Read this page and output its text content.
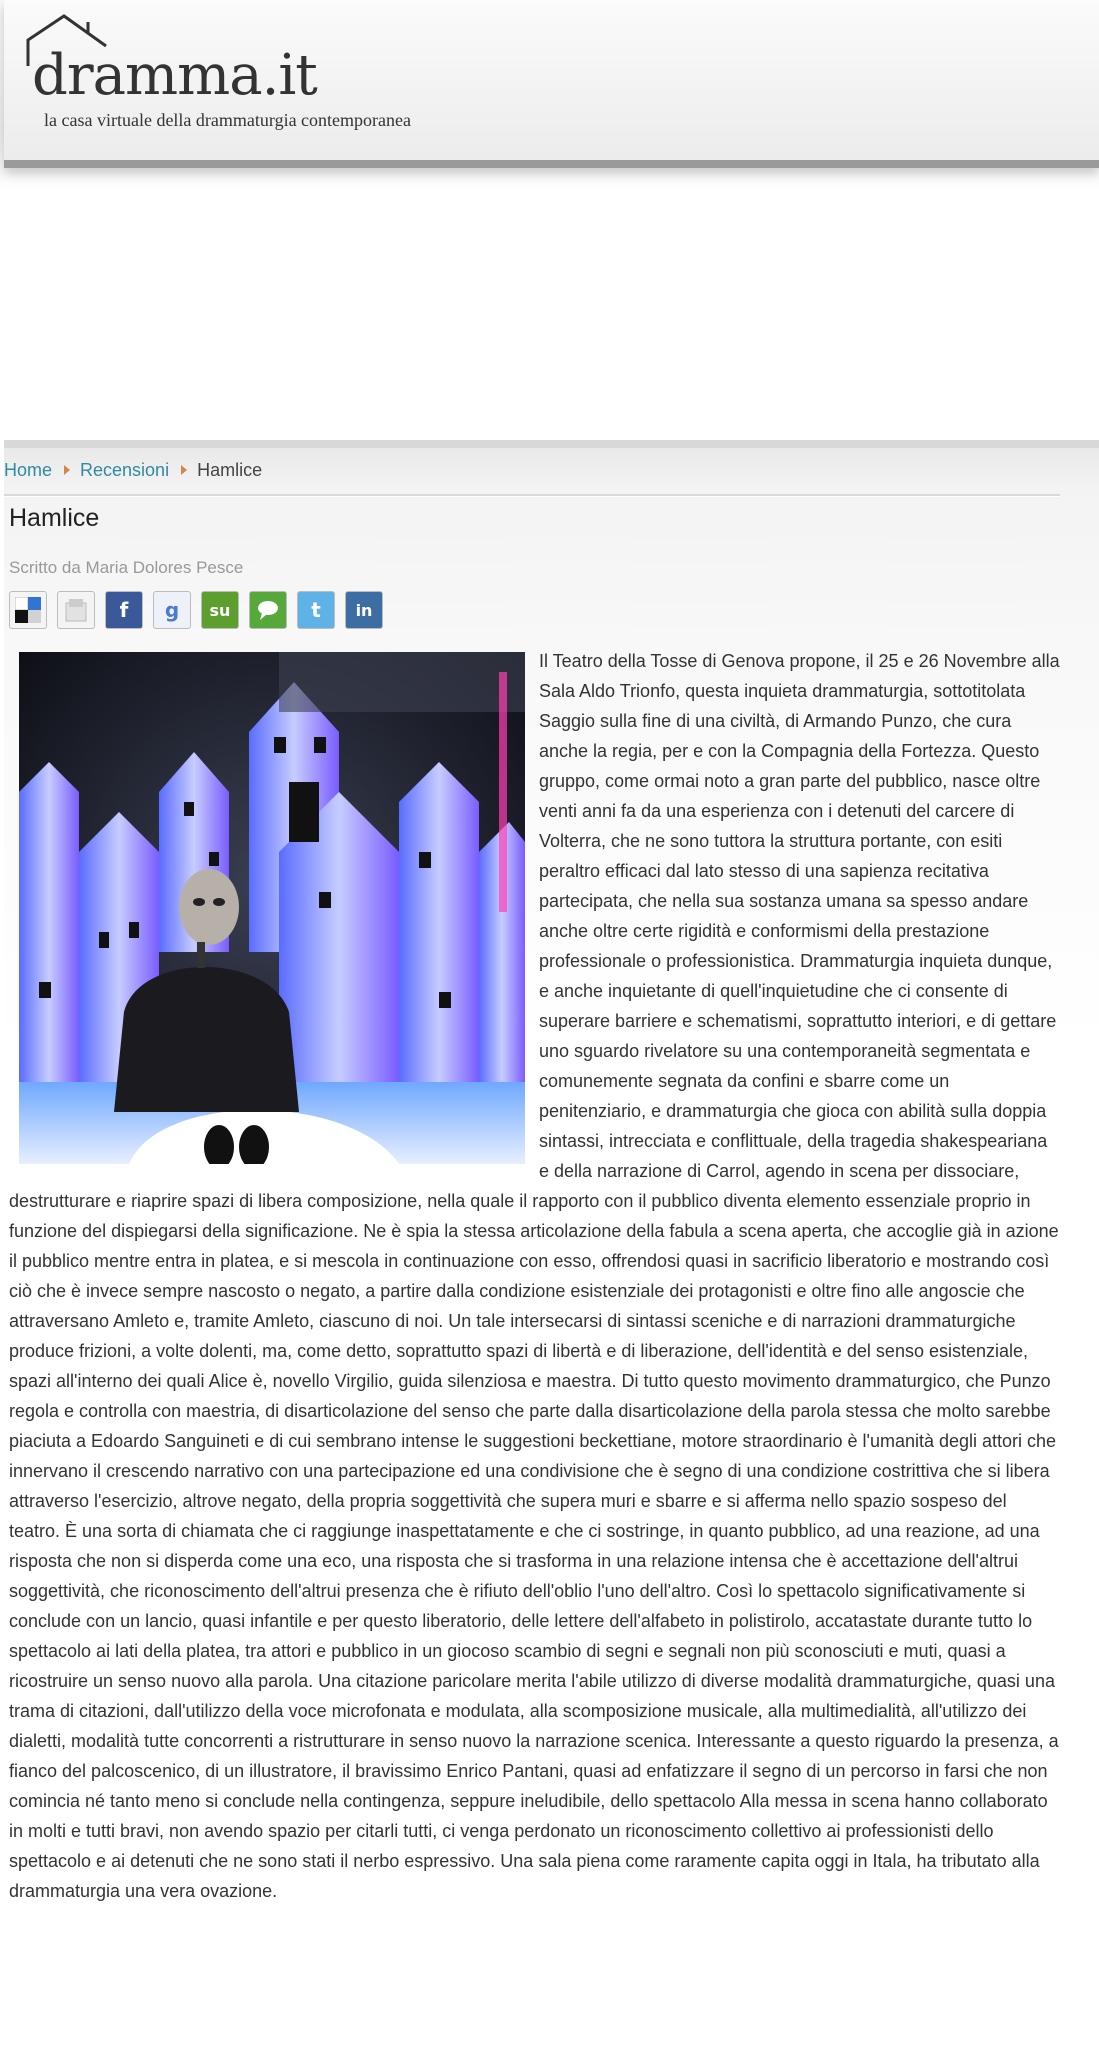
dramma.it
la casa virtuale della drammaturgia contemporanea
Home Recensioni Hamlice
Hamlice
Scritto da Maria Dolores Pesce
f	g	su	t	in

Il Teatro della Tosse di Genova propone, il 25 e 26 Novembre alla Sala Aldo Trionfo, questa inquieta drammaturgia, sottotitolata Saggio sulla fine di una civiltà, di Armando Punzo, che cura anche la regia, per e con la Compagnia della Fortezza. Questo gruppo, come ormai noto a gran parte del pubblico, nasce oltre venti anni fa da una esperienza con i detenuti del carcere di Volterra, che ne sono tuttora la struttura portante, con esiti peraltro efficaci dal lato stesso di una sapienza recitativa partecipata, che nella sua sostanza umana sa spesso andare anche oltre certe rigidità e conformismi della prestazione professionale o professionistica. Drammaturgia inquieta dunque, e anche inquietante di quell'inquietudine che ci consente di superare barriere e schematismi, soprattutto interiori, e di gettare uno sguardo rivelatore su una contemporaneità segmentata e comunemente segnata da confini e sbarre come un penitenziario, e drammaturgia che gioca con abilità sulla doppia sintassi, intrecciata e conflittuale, della tragedia shakespeariana e della narrazione di Carrol, agendo in scena per dissociare, destrutturare e riaprire spazi di libera composizione, nella quale il rapporto con il pubblico diventa elemento essenziale proprio in funzione del dispiegarsi della significazione. Ne è spia la stessa articolazione della fabula a scena aperta, che accoglie già in azione il pubblico mentre entra in platea, e si mescola in continuazione con esso, offrendosi quasi in sacrificio liberatorio e mostrando così ciò che è invece sempre nascosto o negato, a partire dalla condizione esistenziale dei protagonisti e oltre fino alle angoscie che attraversano Amleto e, tramite Amleto, ciascuno di noi. Un tale intersecarsi di sintassi sceniche e di narrazioni drammaturgiche produce frizioni, a volte dolenti, ma, come detto, soprattutto spazi di libertà e di liberazione, dell'identità e del senso esistenziale, spazi all'interno dei quali Alice è, novello Virgilio, guida silenziosa e maestra. Di tutto questo movimento drammaturgico, che Punzo regola e controlla con maestria, di disarticolazione del senso che parte dalla disarticolazione della parola stessa che molto sarebbe piaciuta a Edoardo Sanguineti e di cui sembrano intense le suggestioni beckettiane, motore straordinario è l'umanità degli attori che innervano il crescendo narrativo con una partecipazione ed una condivisione che è segno di una condizione costrittiva che si libera attraverso l'esercizio, altrove negato, della propria soggettività che supera muri e sbarre e si afferma nello spazio sospeso del teatro. È una sorta di chiamata che ci raggiunge inaspettatamente e che ci sostringe, in quanto pubblico, ad una reazione, ad una risposta che non si disperda come una eco, una risposta che si trasforma in una relazione intensa che è accettazione dell'altrui soggettività, che riconoscimento dell'altrui presenza che è rifiuto dell'oblio l'uno dell'altro. Così lo spettacolo significativamente si conclude con un lancio, quasi infantile e per questo liberatorio, delle lettere dell'alfabeto in polistirolo, accatastate durante tutto lo spettacolo ai lati della platea, tra attori e pubblico in un giocoso scambio di segni e segnali non più sconosciuti e muti, quasi a ricostruire un senso nuovo alla parola. Una citazione paricolare merita l'abile utilizzo di diverse modalità drammaturgiche, quasi una trama di citazioni, dall'utilizzo della voce microfonata e modulata, alla scomposizione musicale, alla multimedialità, all'utilizzo dei dialetti, modalità tutte concorrenti a ristrutturare in senso nuovo la narrazione scenica. Interessante a questo riguardo la presenza, a fianco del palcoscenico, di un illustratore, il bravissimo Enrico Pantani, quasi ad enfatizzare il segno di un percorso in farsi che non comincia né tanto meno si conclude nella contingenza, seppure ineludibile, dello spettacolo Alla messa in scena hanno collaborato in molti e tutti bravi, non avendo spazio per citarli tutti, ci venga perdonato un riconoscimento collettivo ai professionisti dello spettacolo e ai detenuti che ne sono stati il nerbo espressivo. Una sala piena come raramente capita oggi in Itala, ha tributato alla drammaturgia una vera ovazione.
